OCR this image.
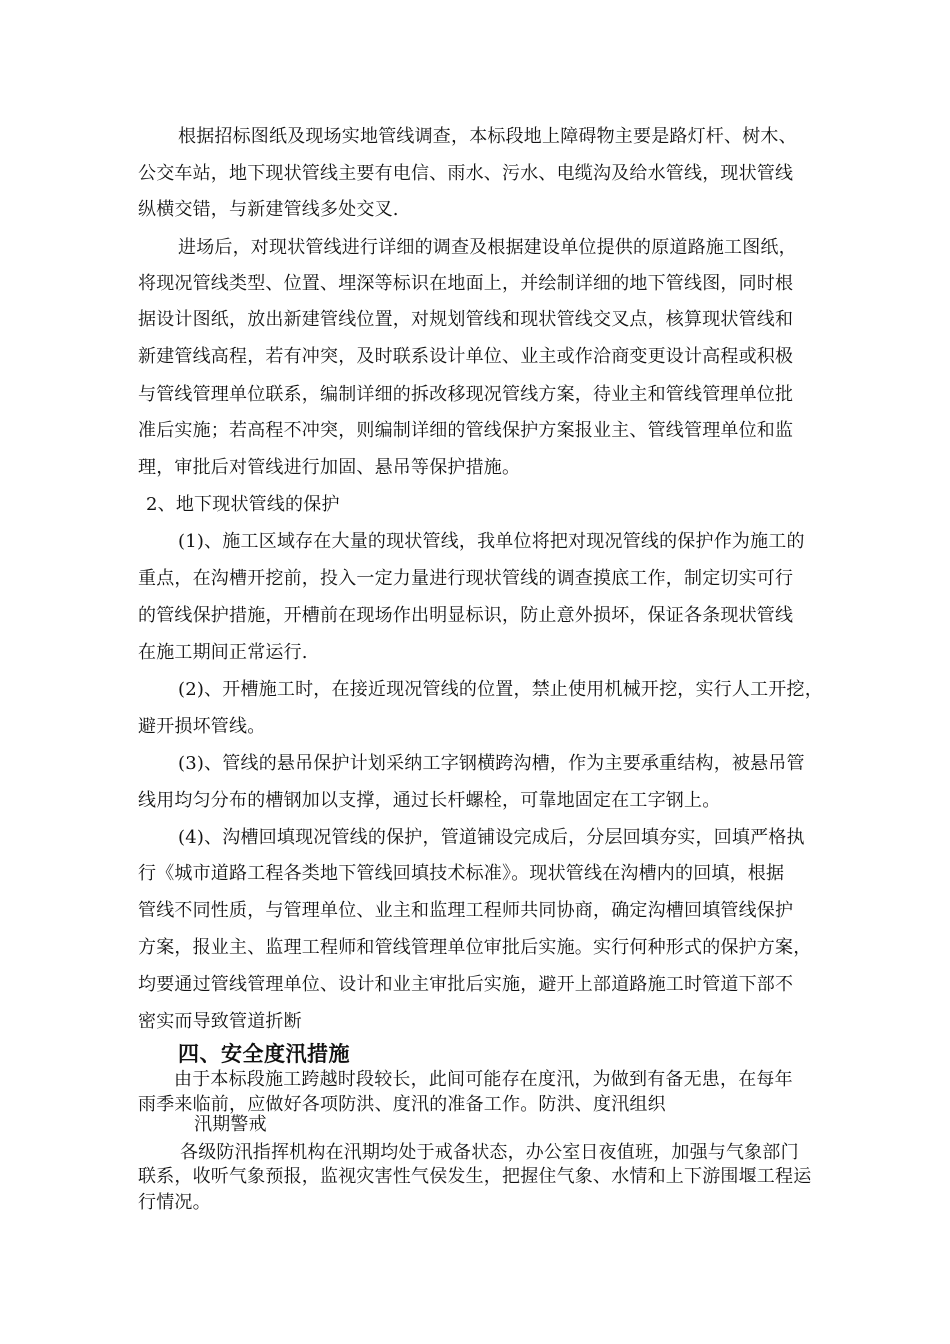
根据招标图纸及现场实地管线调查，本标段地上障碍物主要是路灯杆、树木、
公交车站，地下现状管线主要有电信、雨水、污水、电缆沟及给水管线，现状管线
纵横交错，与新建管线多处交叉.
进场后，对现状管线进行详细的调查及根据建设单位提供的原道路施工图纸，
将现况管线类型、位置、埋深等标识在地面上，并绘制详细的地下管线图，同时根
据设计图纸，放出新建管线位置，对规划管线和现状管线交叉点，核算现状管线和
新建管线高程，若有冲突，及时联系设计单位、业主或作洽商变更设计高程或积极
与管线管理单位联系，编制详细的拆改移现况管线方案，待业主和管线管理单位批
准后实施；若高程不冲突，则编制详细的管线保护方案报业主、管线管理单位和监
理，审批后对管线进行加固、悬吊等保护措施。
2、地下现状管线的保护
(1)、施工区域存在大量的现状管线，我单位将把对现况管线的保护作为施工的
重点，在沟槽开挖前，投入一定力量进行现状管线的调查摸底工作，制定切实可行
的管线保护措施，开槽前在现场作出明显标识，防止意外损坏，保证各条现状管线
在施工期间正常运行.
(2)、开槽施工时，在接近现况管线的位置，禁止使用机械开挖，实行人工开挖，
避开损坏管线。
(3)、管线的悬吊保护计划采纳工字钢横跨沟槽，作为主要承重结构，被悬吊管
线用均匀分布的槽钢加以支撑，通过长杆螺栓，可靠地固定在工字钢上。
(4)、沟槽回填现况管线的保护，管道铺设完成后，分层回填夯实，回填严格执
行《城市道路工程各类地下管线回填技术标准》。现状管线在沟槽内的回填，根据
管线不同性质，与管理单位、业主和监理工程师共同协商，确定沟槽回填管线保护
方案，报业主、监理工程师和管线管理单位审批后实施。实行何种形式的保护方案，
均要通过管线管理单位、设计和业主审批后实施，避开上部道路施工时管道下部不
密实而导致管道折断
四、安全度汛措施
由于本标段施工跨越时段较长，此间可能存在度汛，为做到有备无患，在每年
雨季来临前，应做好各项防洪、度汛的准备工作。防洪、度汛组织
汛期警戒
各级防汛指挥机构在汛期均处于戒备状态，办公室日夜值班，加强与气象部门
联系，收听气象预报，监视灾害性气侯发生，把握住气象、水情和上下游围堰工程运
行情况。
